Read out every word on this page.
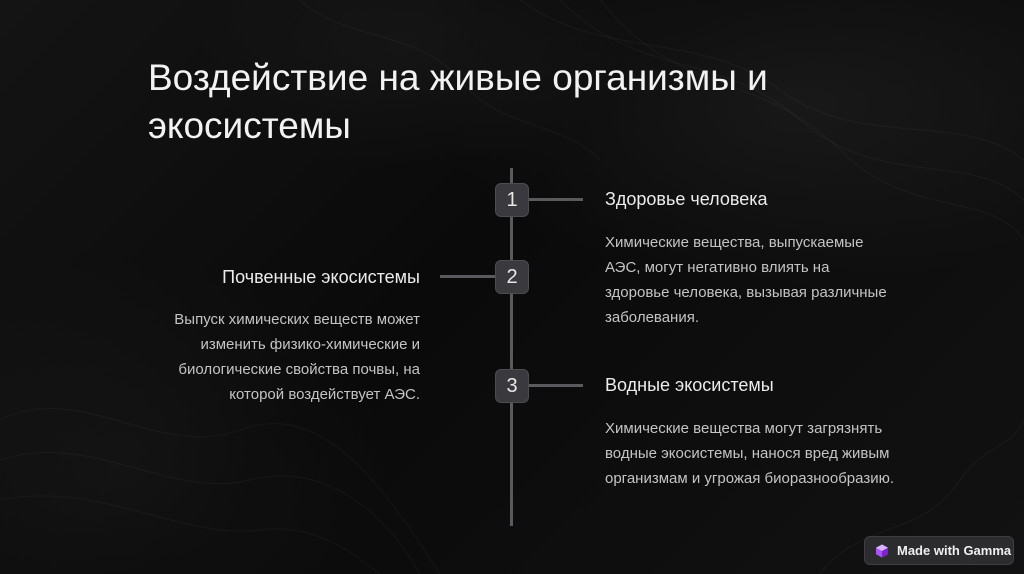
Воздействие на живые организмы и экосистемы
1
2
3
Здоровье человека

Химические вещества, выпускаемые АЭС, могут негативно влиять на здоровье человека, вызывая различные заболевания.

Почвенные экосистемы

Выпуск химических веществ может изменить физико-химические и биологические свойства почвы, на которой воздействует АЭС.	Водные экосистемы

Химические вещества могут загрязнять водные экосистемы, нанося вред живым организмам и угрожая биоразнообразию.

Made with Gamma
